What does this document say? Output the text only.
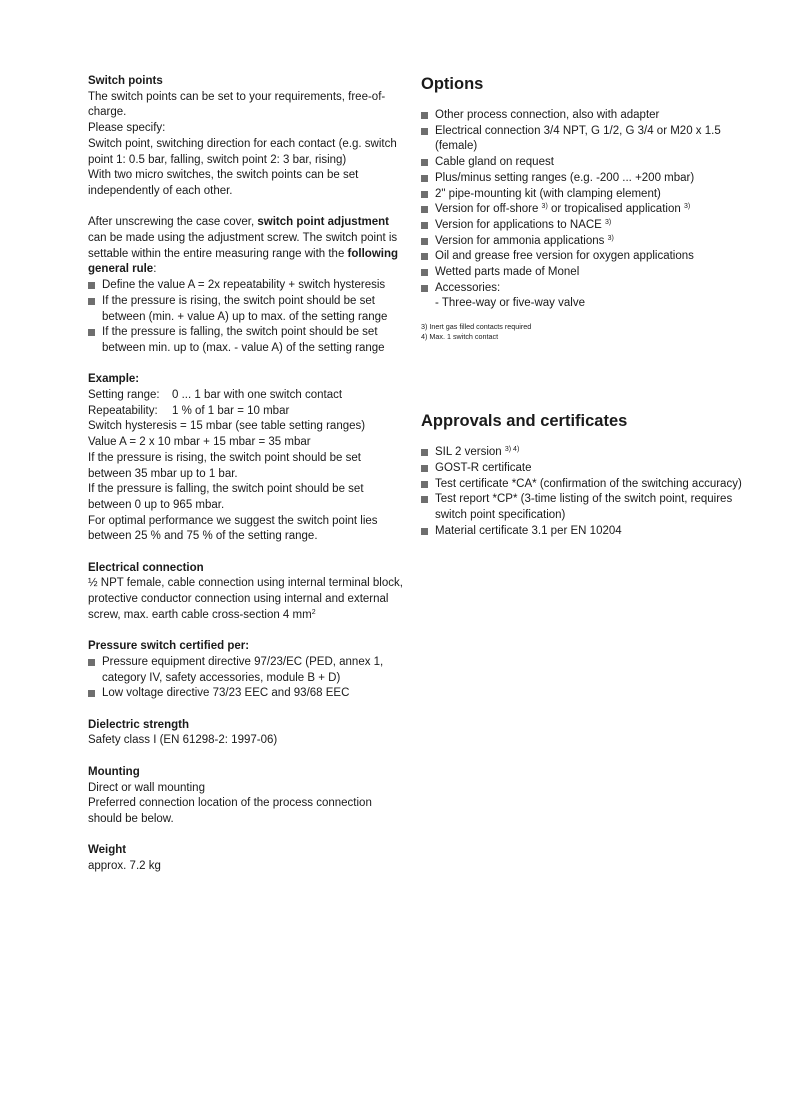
Switch points

The switch points can be set to your requirements, free-of-charge.

Please specify:

Switch point, switching direction for each contact (e.g. switch point 1: 0.5 bar, falling, switch point 2: 3 bar, rising)

With two micro switches, the switch points can be set independently of each other.

After unscrewing the case cover, switch point adjustment can be made using the adjustment screw. The switch point is settable within the entire measuring range with the following general rule:

Define the value A = 2x repeatability + switch hysteresis
If the pressure is rising, the switch point should be set between (min. + value A) up to max. of the setting range
If the pressure is falling, the switch point should be set between min. up to (max. - value A) of the setting range

Example:

Setting range: 0 ... 1 bar with one switch contact

Repeatability: 1 % of 1 bar = 10 mbar

Switch hysteresis = 15 mbar (see table setting ranges)

Value A = 2 x 10 mbar + 15 mbar = 35 mbar

If the pressure is rising, the switch point should be set between 35 mbar up to 1 bar.

If the pressure is falling, the switch point should be set between 0 up to 965 mbar.

For optimal performance we suggest the switch point lies between 25 % and 75 % of the setting range.

Electrical connection

½ NPT female, cable connection using internal terminal block, protective conductor connection using internal and external screw, max. earth cable cross-section 4 $mm^2$

Pressure switch certified per:

Pressure equipment directive 97/23/EC (PED, annex 1, category IV, safety accessories, module B + D)
Low voltage directive 73/23 EEC and 93/68 EEC

Dielectric strength

Safety class I (EN 61298-2: 1997-06)

Mounting

Direct or wall mounting

Preferred connection location of the process connection should be below.

Weight

approx. 7.2 kg

Options
Other process connection, also with adapter
Electrical connection 3/4 NPT, G 1/2, G 3/4 or M20 x 1.5 (female)
Cable gland on request
Plus/minus setting ranges (e.g. -200 ... +200 mbar)
2" pipe-mounting kit (with clamping element)
Version for off-shore $^{3)}$ or tropicalised application $^{3)}$
Version for applications to NACE $^{3)}$
Version for ammonia applications $^{3)}$
Oil and grease free version for oxygen applications
Wetted parts made of Monel
Accessories:
- Three-way or five-way valve

3) Inert gas filled contacts required

4) Max. 1 switch contact

Approvals and certificates
SIL 2 version $^{3) 4)}$
GOST-R certificate
Test certificate *CA* (confirmation of the switching accuracy)
Test report *CP* (3-time listing of the switch point, requires switch point specification)
Material certificate 3.1 per EN 10204
